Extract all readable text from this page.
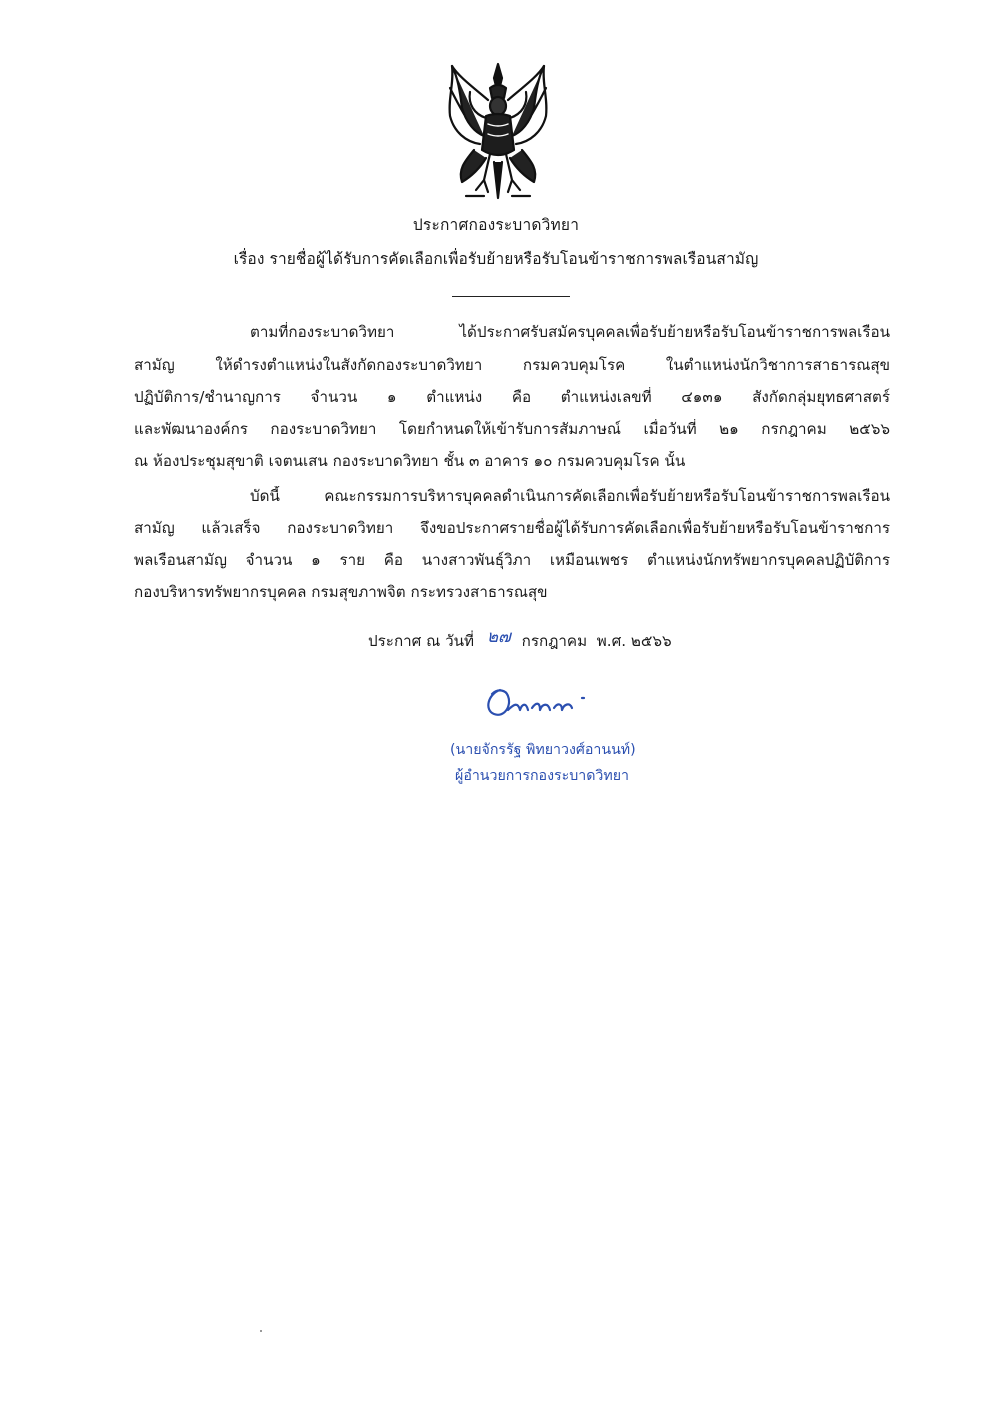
ประกาศกองระบาดวิทยา
เรื่อง รายชื่อผู้ได้รับการคัดเลือกเพื่อรับย้ายหรือรับโอนข้าราชการพลเรือนสามัญ
ตามที่กองระบาดวิทยา ได้ประกาศรับสมัครบุคคลเพื่อรับย้ายหรือรับโอนข้าราชการพลเรือน
สามัญ ให้ดำรงตำแหน่งในสังกัดกองระบาดวิทยา กรมควบคุมโรค ในตำแหน่งนักวิชาการสาธารณสุข
ปฏิบัติการ/ชำนาญการ จำนวน ๑ ตำแหน่ง คือ ตำแหน่งเลขที่ ๔๑๓๑ สังกัดกลุ่มยุทธศาสตร์
และพัฒนาองค์กร กองระบาดวิทยา โดยกำหนดให้เข้ารับการสัมภาษณ์ เมื่อวันที่ ๒๑ กรกฎาคม ๒๕๖๖
ณ ห้องประชุมสุขาติ เจตนเสน กองระบาดวิทยา ชั้น ๓ อาคาร ๑๐ กรมควบคุมโรค นั้น
บัดนี้ คณะกรรมการบริหารบุคคลดำเนินการคัดเลือกเพื่อรับย้ายหรือรับโอนข้าราชการพลเรือน
สามัญ แล้วเสร็จ กองระบาดวิทยา จึงขอประกาศรายชื่อผู้ได้รับการคัดเลือกเพื่อรับย้ายหรือรับโอนข้าราชการ
พลเรือนสามัญ จำนวน ๑ ราย คือ นางสาวพันธุ์วิภา เหมือนเพชร ตำแหน่งนักทรัพยากรบุคคลปฏิบัติการ
กองบริหารทรัพยากรบุคคล กรมสุขภาพจิต กระทรวงสาธารณสุข
ประกาศ ณ วันที่ ๒๗ กรกฎาคม พ.ศ. ๒๕๖๖
(นายจักรรัฐ พิทยาวงศ์อานนท์)
ผู้อำนวยการกองระบาดวิทยา
